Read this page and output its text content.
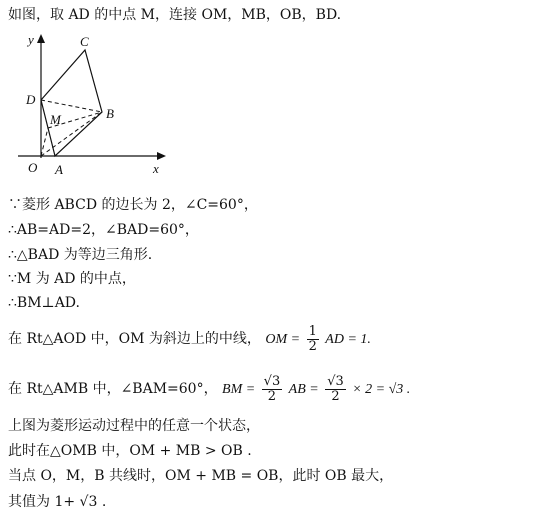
如图，取 AD 的中点 M，连接 OM，MB，OB，BD.
y
x
O A
B
C
D
M
∵菱形 ABCD 的边长为 2，∠C=60°，
∴AB=AD=2，∠BAD=60°，
∴△BAD 为等边三角形.
∵M 为 AD 的中点，
∴BM⊥AD.
在 Rt△AOD 中，OM 为斜边上的中线， OM = $\frac{1}{2}$ AD = 1.
在 Rt△AMB 中，∠BAM=60°， BM = $\frac{√3}{2}$ AB = $\frac{√3}{2} \times 2 = √3$ .
上图为菱形运动过程中的任意一个状态，
此时在△OMB 中，OM + MB > OB .
当点 O，M，B 共线时，OM + MB = OB，此时 OB 最大，
其值为 1+ √3 .
